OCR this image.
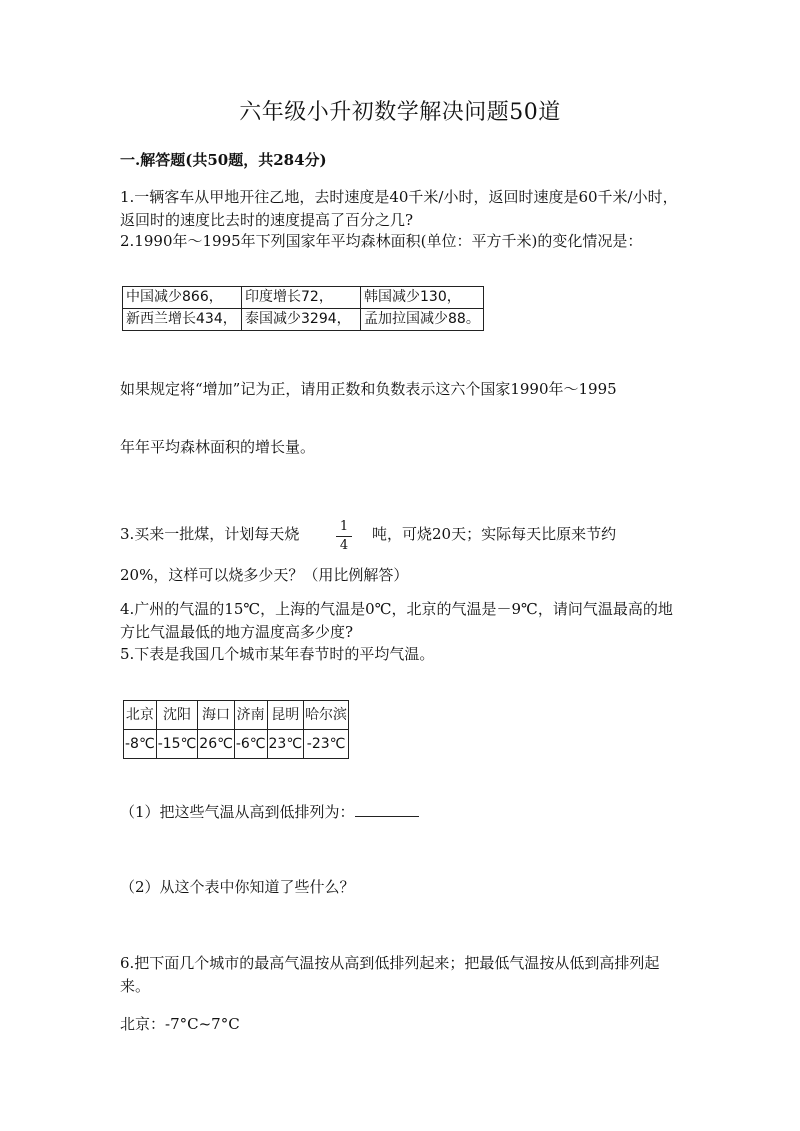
六年级小升初数学解决问题50道
一.解答题(共50题，共284分)

1.一辆客车从甲地开往乙地，去时速度是40千米/小时，返回时速度是60千米/小时，返回时的速度比去时的速度提高了百分之几?

2.1990年～1995年下列国家年平均森林面积(单位：平方千米)的变化情况是：
中国减少866，	印度增长72，	韩国减少130，
新西兰增长434，	泰国减少3294，	孟加拉国减少88。
如果规定将“增加”记为正，请用正数和负数表示这六个国家1990年～1995
年年平均森林面积的增长量。
3.买来一批煤，计划每天烧	1
4
吨，可烧20天；实际每天比原来节约
20%，这样可以烧多少天？（用比例解答）

4.广州的气温的15℃，上海的气温是0℃，北京的气温是－9℃，请问气温最高的地方比气温最低的地方温度高多少度?

5.下表是我国几个城市某年春节时的平均气温。
北京	沈阳	海口	济南	昆明	哈尔滨
-8℃	-15℃	26℃	-6℃	23℃	-23℃
（1）把这些气温从高到低排列为：
（2）从这个表中你知道了些什么？

6.把下面几个城市的最高气温按从高到低排列起来；把最低气温按从低到高排列起来。

北京：-7°C~7°C
